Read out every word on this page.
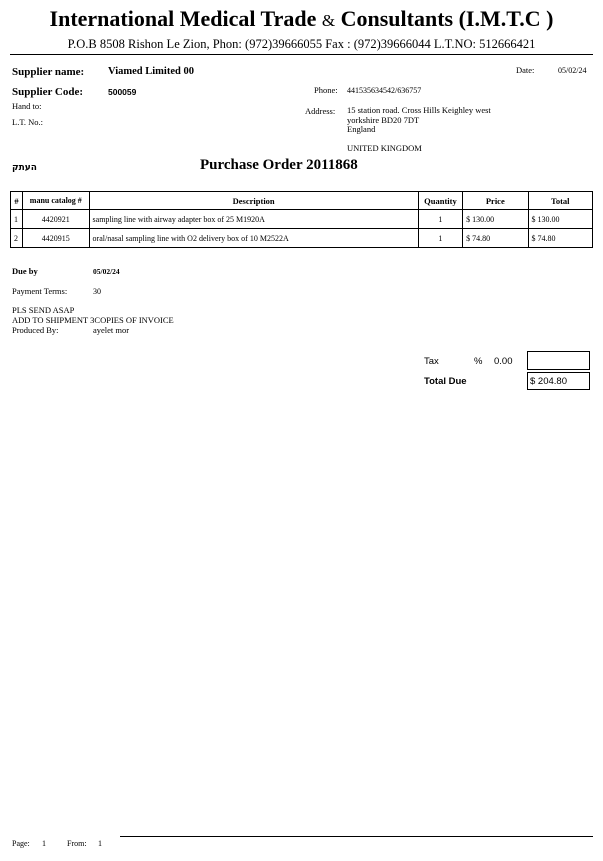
International Medical Trade & Consultants (I.M.T.C )
P.O.B 8508 Rishon Le Zion, Phon: (972)39666055 Fax : (972)39666044 L.T.NO: 512666421
Supplier name: Viamed Limited 00
Supplier Code:	500059
Hand to:
L.T. No.:
Date:	05/02/24
Phone: 441535634542/636757
Address: 15 station road. Cross Hills Keighley west
yorkshire BD20 7DT
England
UNITED KINGDOM
העתק	Purchase Order 2011868
#	manu catalog #	Description	Quantity	Price	Total
1	4420921	sampling line with airway adapter box of 25 M1920A	1	$ 130.00	$ 130.00
2	4420915	oral/nasal sampling line with O2 delivery box of 10 M2522A	1	$ 74.80	$ 74.80
Due by	05/02/24
Payment Terms:	30
PLS SEND ASAP
ADD TO SHIPMENT 3COPIES OF INVOICE
Produced By:	ayelet mor
Tax	% 0.00
Total Due	$ 204.80
Page: 1	From: 1
